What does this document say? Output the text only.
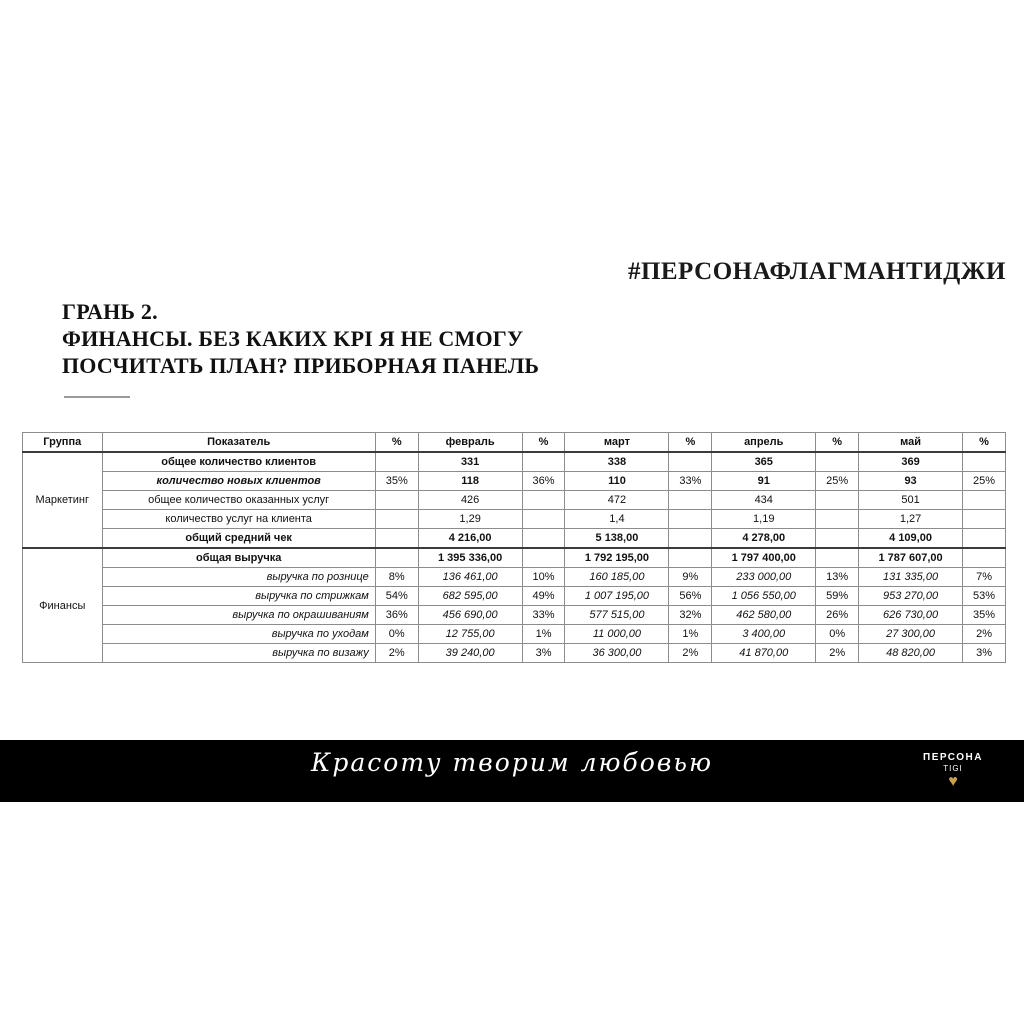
#ПЕРСОНАФЛАГМАНТИДЖИ
ГРАНЬ 2.
ФИНАНСЫ. БЕЗ КАКИХ KPI Я НЕ СМОГУ
ПОСЧИТАТЬ ПЛАН? ПРИБОРНАЯ ПАНЕЛЬ
Группа	Показатель	%	февраль	%	март	%	апрель	%	май	%
Маркетинг	общее количество клиентов		331		338		365		369	
	количество новых клиентов	35%	118	36%	110	33%	91	25%	93	25%
	общее количество оказанных услуг		426		472		434		501	
	количество услуг на клиента		1,29		1,4		1,19		1,27	
	общий средний чек		4 216,00		5 138,00		4 278,00		4 109,00	
Финансы	общая выручка		1 395 336,00		1 792 195,00		1 797 400,00		1 787 607,00	
	выручка по рознице	8%	136 461,00	10%	160 185,00	9%	233 000,00	13%	131 335,00	7%
	выручка по стрижкам	54%	682 595,00	49%	1 007 195,00	56%	1 056 550,00	59%	953 270,00	53%
	выручка по окрашиваниям	36%	456 690,00	33%	577 515,00	32%	462 580,00	26%	626 730,00	35%
	выручка по уходам	0%	12 755,00	1%	11 000,00	1%	3 400,00	0%	27 300,00	2%
	выручка по визажу	2%	39 240,00	3%	36 300,00	2%	41 870,00	2%	48 820,00	3%
Красоту творим любовью	ПЕРСОНА
TIGI
♥
